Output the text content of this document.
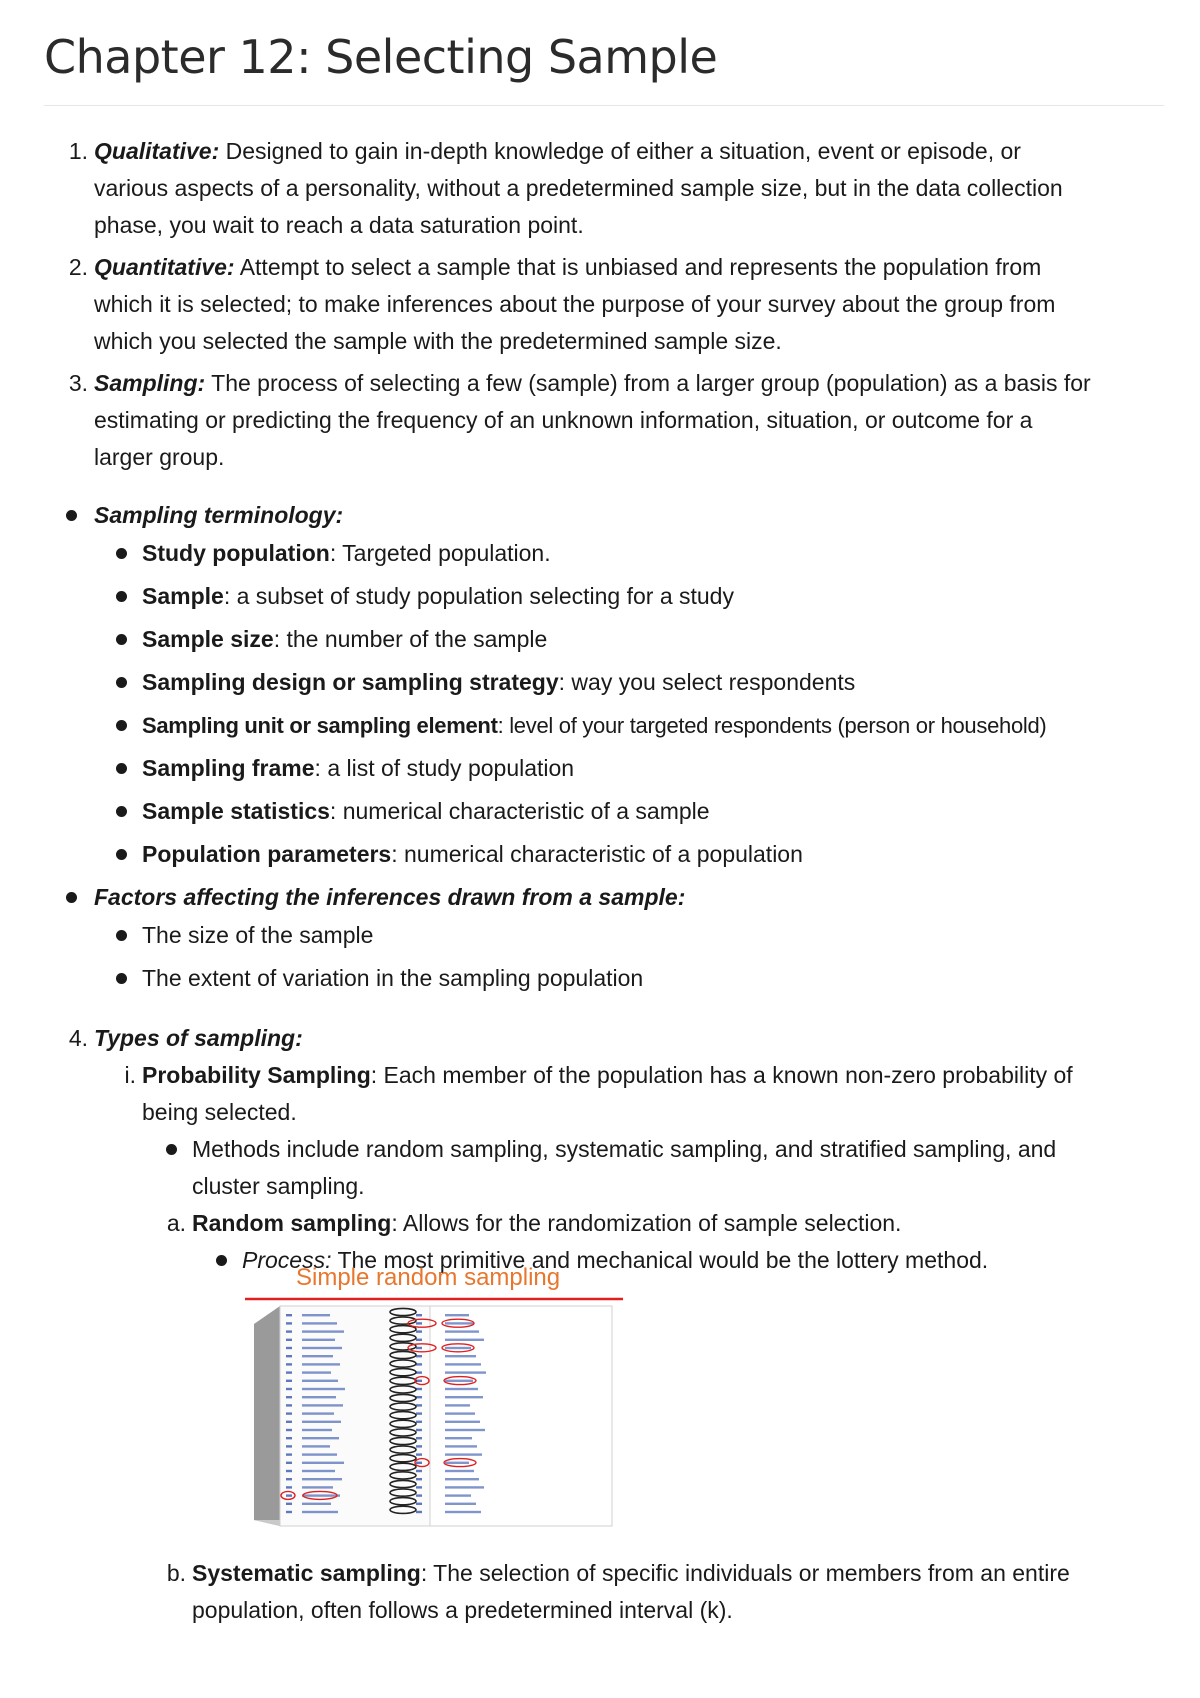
Chapter 12: Selecting Sample
1. Qualitative: Designed to gain in-depth knowledge of either a situation, event or episode, or
various aspects of a personality, without a predetermined sample size, but in the data collection
phase, you wait to reach a data saturation point.
2. Quantitative: Attempt to select a sample that is unbiased and represents the population from
which it is selected; to make inferences about the purpose of your survey about the group from
which you selected the sample with the predetermined sample size.
3. Sampling: The process of selecting a few (sample) from a larger group (population) as a basis for
estimating or predicting the frequency of an unknown information, situation, or outcome for a
larger group.
Sampling terminology:
Study population: Targeted population.
Sample: a subset of study population selecting for a study
Sample size: the number of the sample
Sampling design or sampling strategy: way you select respondents
Sampling unit or sampling element: level of your targeted respondents (person or household)
Sampling frame: a list of study population
Sample statistics: numerical characteristic of a sample
Population parameters: numerical characteristic of a population
Factors affecting the inferences drawn from a sample:
The size of the sample
The extent of variation in the sampling population
4. Types of sampling:
i. Probability Sampling: Each member of the population has a known non-zero probability of
being selected.
Methods include random sampling, systematic sampling, and stratified sampling, and
cluster sampling.
a. Random sampling: Allows for the randomization of sample selection.
Process: The most primitive and mechanical would be the lottery method.
b. Systematic sampling: The selection of specific individuals or members from an entire
population, often follows a predetermined interval (k).
Simple random sampling
